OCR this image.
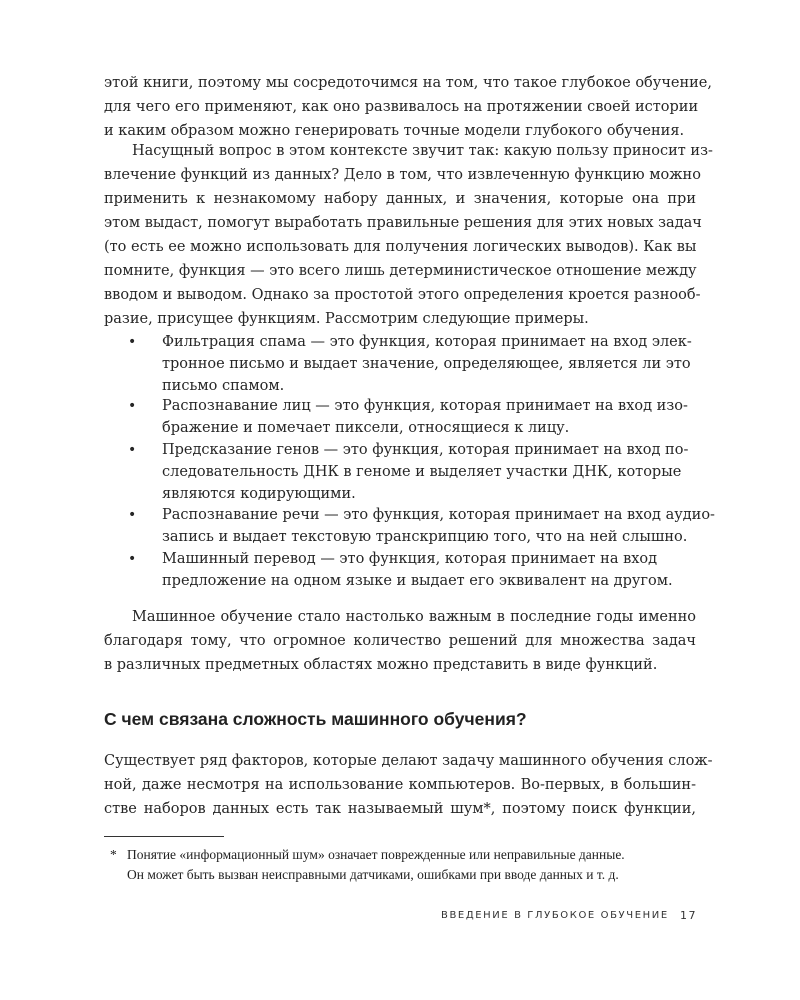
этой книги, поэтому мы сосредоточимся на том, что такое глубокое обучение,
для чего его применяют, как оно развивалось на протяжении своей истории
и каким образом можно генерировать точные модели глубокого обучения.
Насущный вопрос в этом контексте звучит так: какую пользу приносит из-
влечение функций из данных? Дело в том, что извлеченную функцию можно
применить к незнакомому набору данных, и значения, которые она при
этом выдаст, помогут выработать правильные решения для этих новых задач
(то есть ее можно использовать для получения логических выводов). Как вы
помните, функция — это всего лишь детерминистическое отношение между
вводом и выводом. Однако за простотой этого определения кроется разнооб-
разие, присущее функциям. Рассмотрим следующие примеры.
• Фильтрация спама — это функция, которая принимает на вход элек-
тронное письмо и выдает значение, определяющее, является ли это
письмо спамом.
• Распознавание лиц — это функция, которая принимает на вход изо-
бражение и помечает пиксели, относящиеся к лицу.
• Предсказание генов — это функция, которая принимает на вход по-
следовательность ДНК в геноме и выделяет участки ДНК, которые
являются кодирующими.
• Распознавание речи — это функция, которая принимает на вход аудио-
запись и выдает текстовую транскрипцию того, что на ней слышно.
• Машинный перевод — это функция, которая принимает на вход
предложение на одном языке и выдает его эквивалент на другом.
Машинное обучение стало настолько важным в последние годы именно
благодаря тому, что огромное количество решений для множества задач
в различных предметных областях можно представить в виде функций.
С чем связана сложность машинного обучения?
Существует ряд факторов, которые делают задачу машинного обучения слож-
ной, даже несмотря на использование компьютеров. Во-первых, в большин-
стве наборов данных есть так называемый шум*, поэтому поиск функции,
* Понятие «информационный шум» означает поврежденные или неправильные данные.
Он может быть вызван неисправными датчиками, ошибками при вводе данных и т. д.
ВВЕДЕНИЕ В ГЛУБОКОЕ ОБУЧЕНИЕ 17
